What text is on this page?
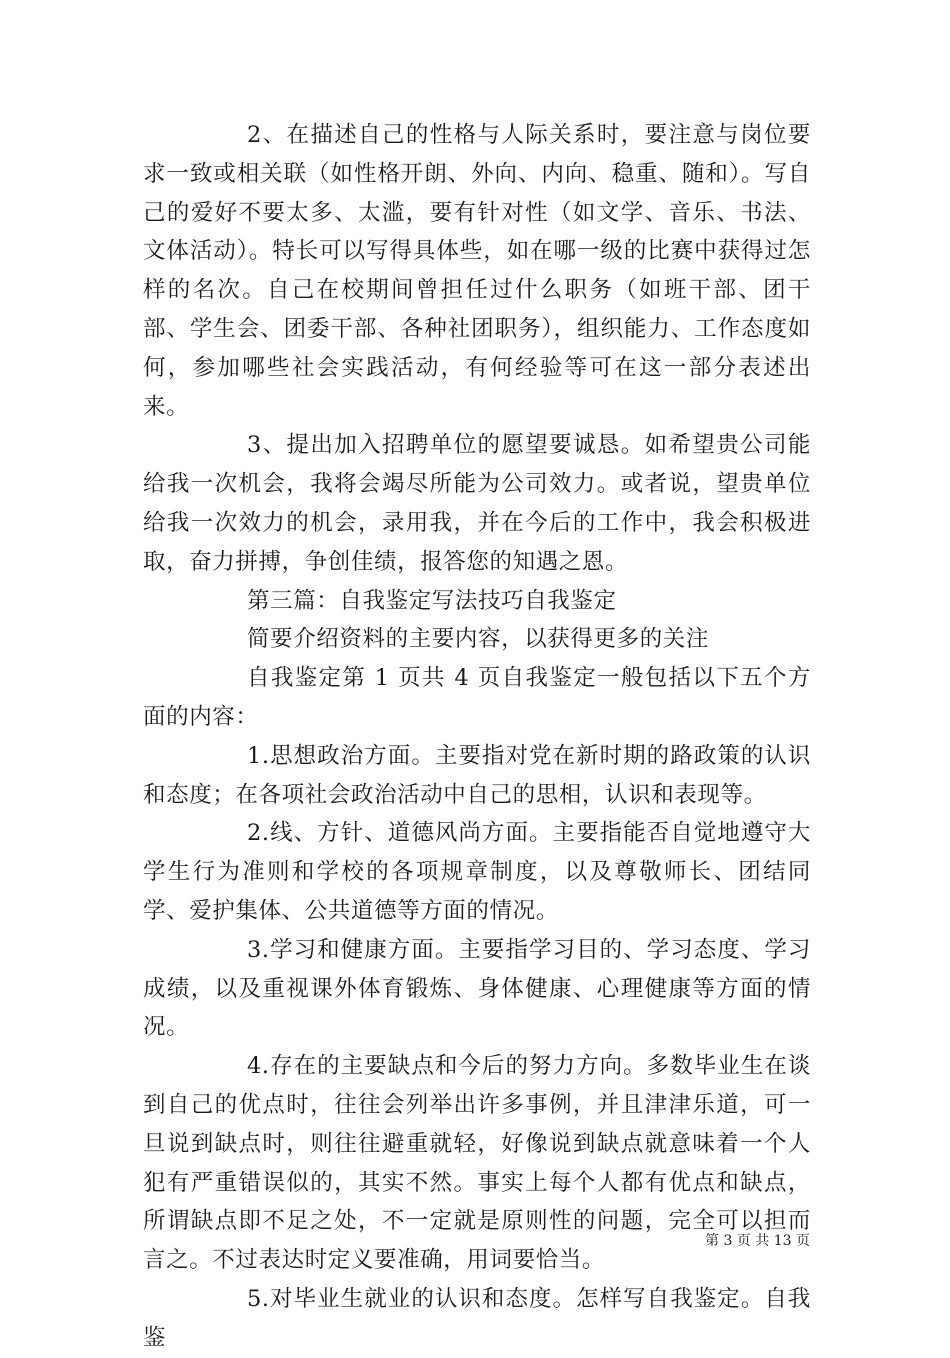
2、在描述自己的性格与人际关系时，要注意与岗位要求一致或相关联（如性格开朗、外向、内向、稳重、随和）。写自己的爱好不要太多、太滥，要有针对性（如文学、音乐、书法、文体活动）。特长可以写得具体些，如在哪一级的比赛中获得过怎样的名次。自己在校期间曾担任过什么职务（如班干部、团干部、学生会、团委干部、各种社团职务），组织能力、工作态度如何，参加哪些社会实践活动，有何经验等可在这一部分表述出来。

3、提出加入招聘单位的愿望要诚恳。如希望贵公司能给我一次机会，我将会竭尽所能为公司效力。或者说，望贵单位给我一次效力的机会，录用我，并在今后的工作中，我会积极进取，奋力拼搏，争创佳绩，报答您的知遇之恩。

第三篇：自我鉴定写法技巧自我鉴定

简要介绍资料的主要内容，以获得更多的关注

自我鉴定第 1 页共 4 页自我鉴定一般包括以下五个方面的内容：

1.思想政治方面。主要指对党在新时期的路政策的认识和态度；在各项社会政治活动中自己的思相，认识和表现等。

2.线、方针、道德风尚方面。主要指能否自觉地遵守大学生行为准则和学校的各项规章制度，以及尊敬师长、团结同学、爱护集体、公共道德等方面的情况。

3.学习和健康方面。主要指学习目的、学习态度、学习成绩，以及重视课外体育锻炼、身体健康、心理健康等方面的情况。

4.存在的主要缺点和今后的努力方向。多数毕业生在谈到自己的优点时，往往会列举出许多事例，并且津津乐道，可一旦说到缺点时，则往往避重就轻，好像说到缺点就意味着一个人犯有严重错误似的，其实不然。事实上每个人都有优点和缺点，所谓缺点即不足之处，不一定就是原则性的问题，完全可以担而言之。不过表达时定义要准确，用词要恰当。

5.对毕业生就业的认识和态度。怎样写自我鉴定。自我鉴

第 3 页 共 13 页
